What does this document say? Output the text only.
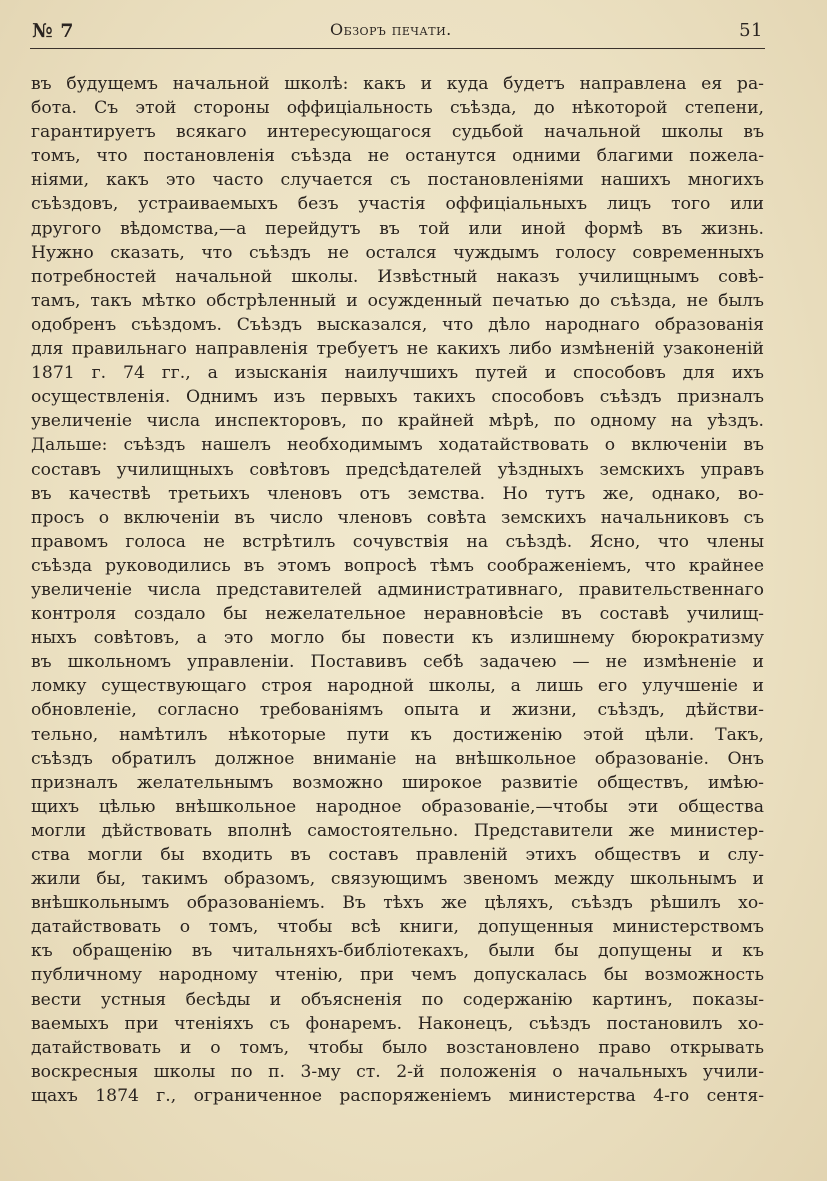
№ 7	Обзоръ печати.	51
въ будущемъ начальной школѣ: какъ и куда будетъ направлена ея ра-
бота. Съ этой стороны оффиціальность съѣзда, до нѣкоторой степени,
гарантируетъ всякаго интересующагося судьбой начальной школы въ
томъ, что постановленія съѣзда не останутся одними благими пожела-
ніями, какъ это часто случается съ постановленіями нашихъ многихъ
съѣздовъ, устраиваемыхъ безъ участія оффиціальныхъ лицъ того или
другого вѣдомства,—а перейдутъ въ той или иной формѣ въ жизнь.
Нужно сказать, что съѣздъ не остался чуждымъ голосу современныхъ
потребностей начальной школы. Извѣстный наказъ училищнымъ совѣ-
тамъ, такъ мѣтко обстрѣленный и осужденный печатью до съѣзда, не былъ
одобренъ съѣздомъ. Съѣздъ высказался, что дѣло народнаго образованія
для правильнаго направленія требуетъ не какихъ либо измѣненій узаконеній
1871 г. 74 гг., а изысканія наилучшихъ путей и способовъ для ихъ
осуществленія. Однимъ изъ первыхъ такихъ способовъ съѣздъ призналъ
увеличеніе числа инспекторовъ, по крайней мѣрѣ, по одному на уѣздъ.
Дальше: съѣздъ нашелъ необходимымъ ходатайствовать о включеніи въ
составъ училищныхъ совѣтовъ предсѣдателей уѣздныхъ земскихъ управъ
въ качествѣ третьихъ членовъ отъ земства. Но тутъ же, однако, во-
просъ о включеніи въ число членовъ совѣта земскихъ начальниковъ съ
правомъ голоса не встрѣтилъ сочувствія на съѣздѣ. Ясно, что члены
съѣзда руководились въ этомъ вопросѣ тѣмъ соображеніемъ, что крайнее
увеличеніе числа представителей административнаго, правительственнаго
контроля создало бы нежелательное неравновѣсіе въ составѣ училищ-
ныхъ совѣтовъ, а это могло бы повести къ излишнему бюрократизму
въ школьномъ управленіи. Поставивъ себѣ задачею — не измѣненіе и
ломку существующаго строя народной школы, а лишь его улучшеніе и
обновленіе, согласно требованіямъ опыта и жизни, съѣздъ, дѣйстви-
тельно, намѣтилъ нѣкоторые пути къ достиженію этой цѣли. Такъ,
съѣздъ обратилъ должное вниманіе на внѣшкольное образованіе. Онъ
призналъ желательнымъ возможно широкое развитіе обществъ, имѣю-
щихъ цѣлью внѣшкольное народное образованіе,—чтобы эти общества
могли дѣйствовать вполнѣ самостоятельно. Представители же министер-
ства могли бы входить въ составъ правленій этихъ обществъ и слу-
жили бы, такимъ образомъ, связующимъ звеномъ между школьнымъ и
внѣшкольнымъ образованіемъ. Въ тѣхъ же цѣляхъ, съѣздъ рѣшилъ хо-
датайствовать о томъ, чтобы всѣ книги, допущенныя министерствомъ
къ обращенію въ читальняхъ-библіотекахъ, были бы допущены и къ
публичному народному чтенію, при чемъ допускалась бы возможность
вести устныя бесѣды и объясненія по содержанію картинъ, показы-
ваемыхъ при чтеніяхъ съ фонаремъ. Наконецъ, съѣздъ постановилъ хо-
датайствовать и о томъ, чтобы было возстановлено право открывать
воскресныя школы по п. 3-му ст. 2-й положенія о начальныхъ учили-
щахъ 1874 г., ограниченное распоряженіемъ министерства 4-го сентя-
